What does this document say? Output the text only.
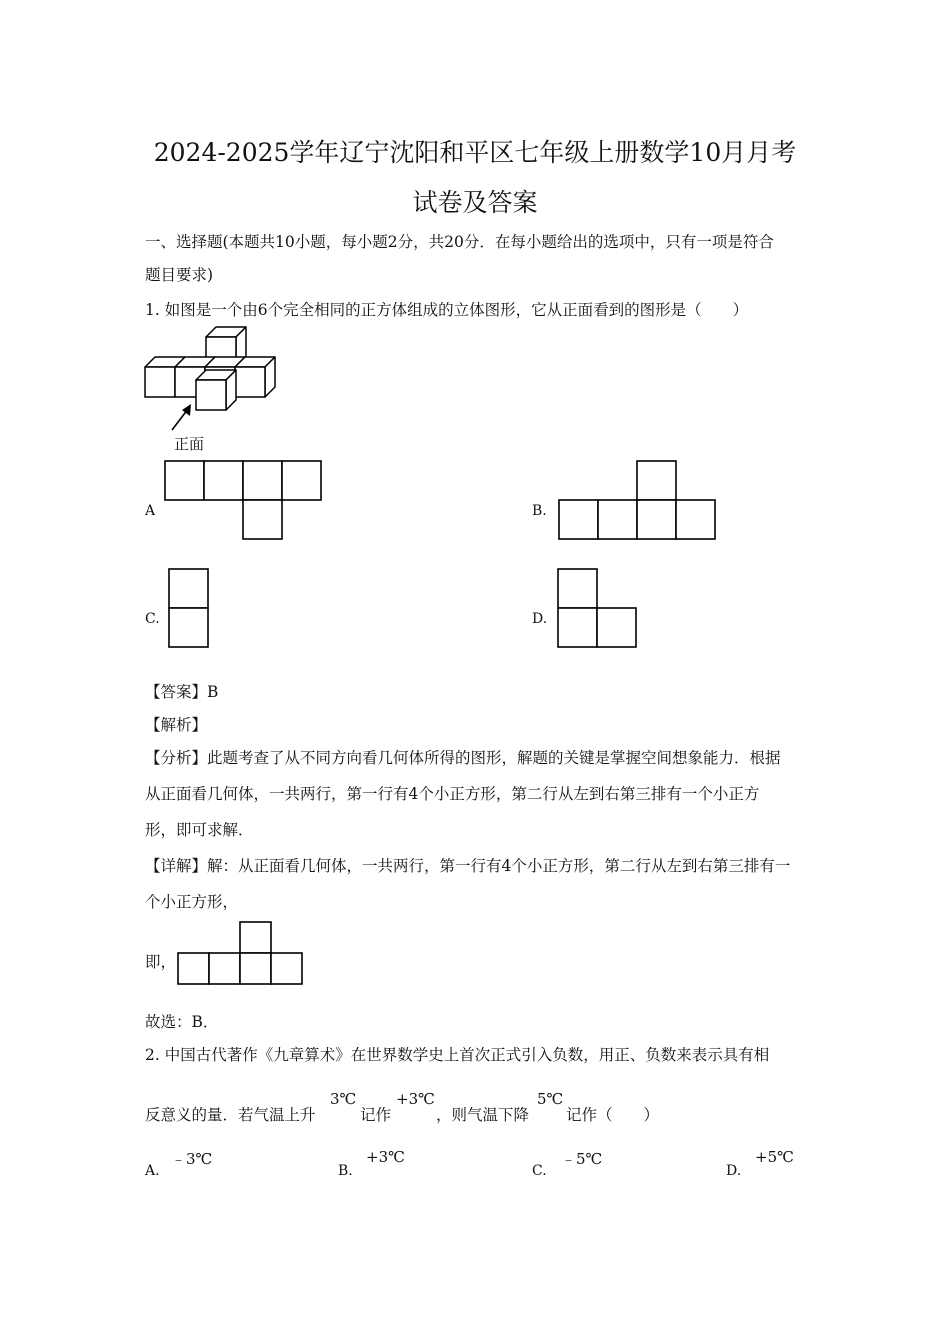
2024-2025学年辽宁沈阳和平区七年级上册数学10月月考
试卷及答案
一、选择题(本题共10小题，每小题2分，共20分．在每小题给出的选项中，只有一项是符合
题目要求)
1. 如图是一个由6个完全相同的正方体组成的立体图形，它从正面看到的图形是（　　）
正面
A	B.
C.	D.
【答案】B
【解析】
【分析】此题考查了从不同方向看几何体所得的图形，解题的关键是掌握空间想象能力．根据
从正面看几何体，一共两行，第一行有4个小正方形，第二行从左到右第三排有一个小正方
形，即可求解．
【详解】解：从正面看几何体，一共两行，第一行有4个小正方形，第二行从左到右第三排有一
个小正方形，
即，
故选：B．
2. 中国古代著作《九章算术》在世界数学史上首次正式引入负数，用正、负数来表示具有相
反意义的量．若气温上升
3℃
记作
+3℃
，则气温下降
5℃
记作（　　）
A.
﹣3℃
B.
+3℃
C.
﹣5℃
D.
+5℃
